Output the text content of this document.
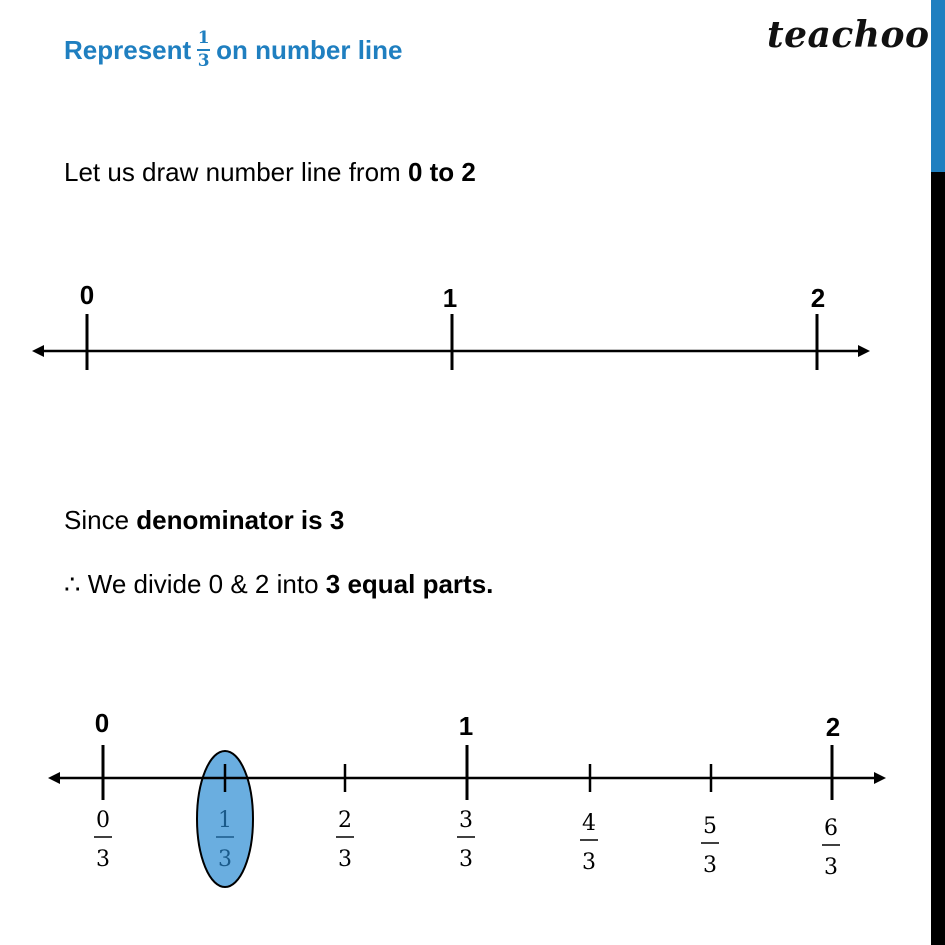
Represent $\frac{1}{3}$ on number line	teachoo
Let us draw number line from 0 to 2
Since denominator is 3
∴ We divide 0 & 2 into 3 equal parts.
0	1	2
0	1	2
0
3
1
3
2
3
3
3
4
3
5
3
6
3
